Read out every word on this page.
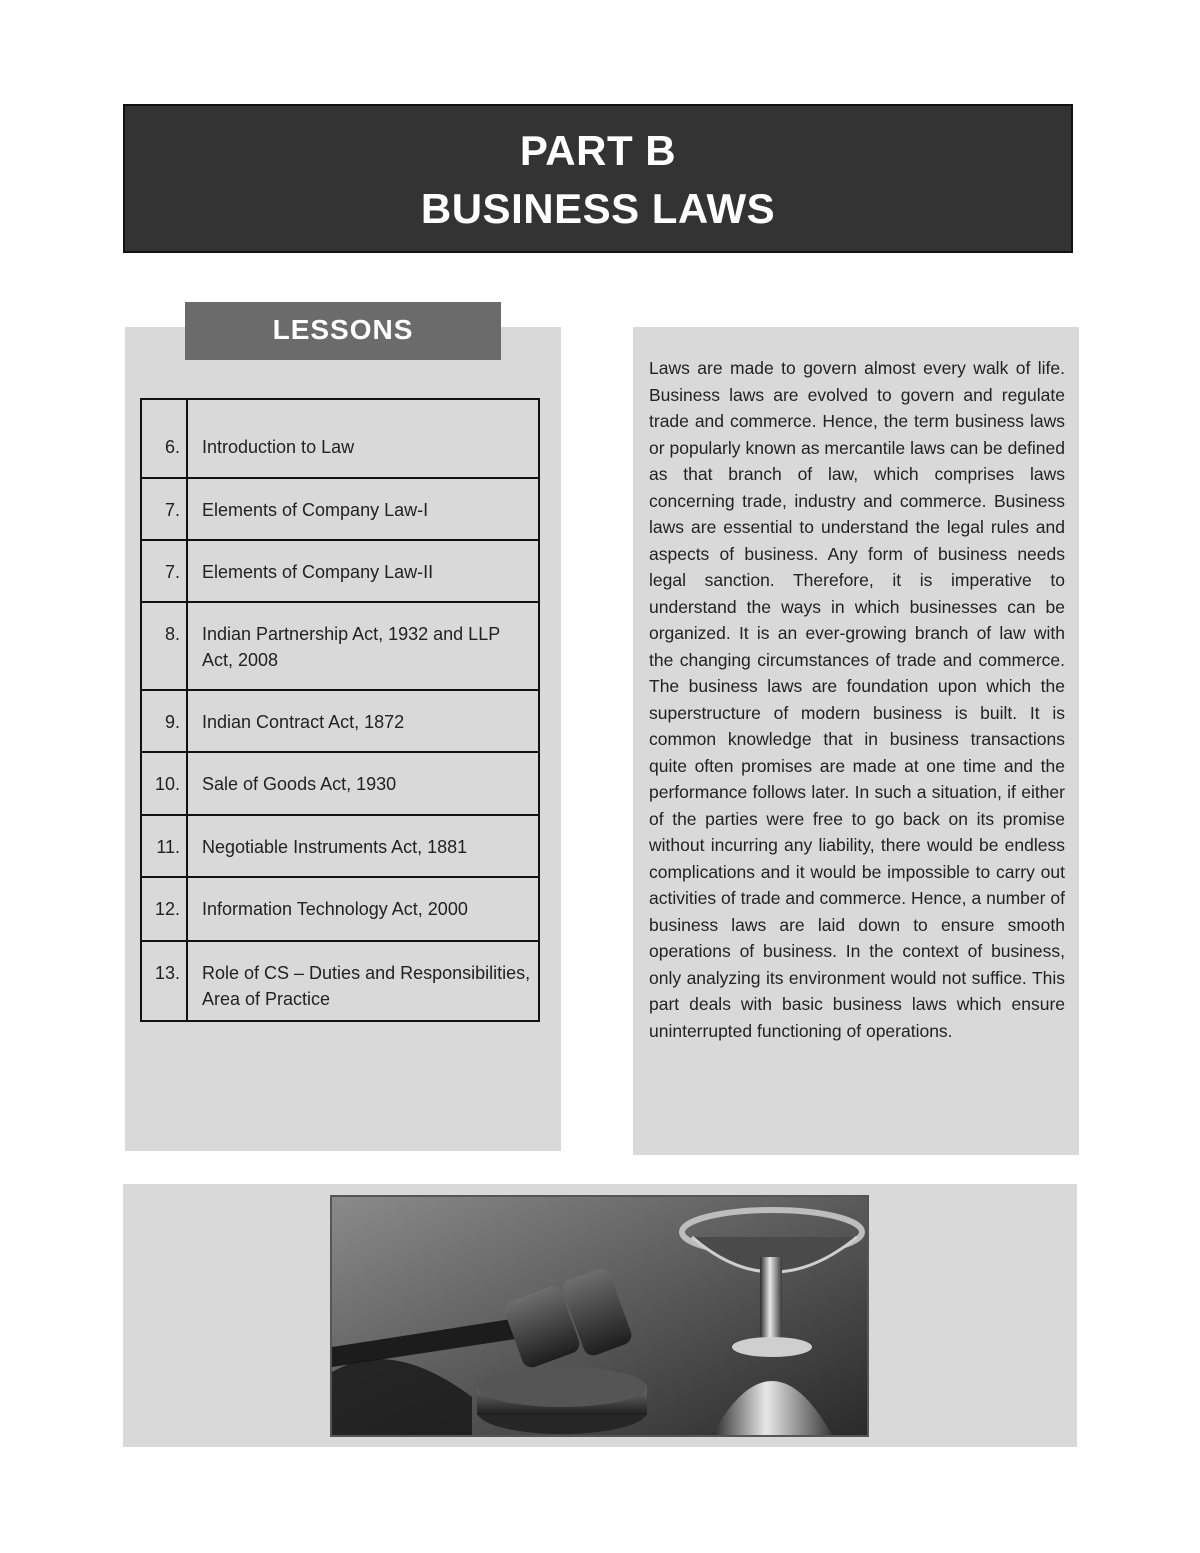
PART B
BUSINESS LAWS
LESSONS
6.	Introduction to Law
7.	Elements of Company Law-I
7.	Elements of Company Law-II
8.	Indian Partnership Act, 1932 and LLP Act, 2008
9.	Indian Contract Act, 1872
10.	Sale of Goods Act, 1930
11.	Negotiable Instruments Act, 1881
12.	Information Technology Act, 2000
13.	Role of CS – Duties and Responsibilities, Area of Practice

Laws are made to govern almost every walk of life. Business laws are evolved to govern and regulate trade and commerce. Hence, the term business laws or popularly known as mercantile laws can be defined as that branch of law, which comprises laws concerning trade, industry and commerce. Business laws are essential to understand the legal rules and aspects of business. Any form of business needs legal sanction. Therefore, it is imperative to understand the ways in which businesses can be organized. It is an ever-growing branch of law with the changing circumstances of trade and commerce. The business laws are foundation upon which the superstructure of modern business is built. It is common knowledge that in business transactions quite often promises are made at one time and the performance follows later. In such a situation, if either of the parties were free to go back on its promise without incurring any liability, there would be endless complications and it would be impossible to carry out activities of trade and commerce. Hence, a number of business laws are laid down to ensure smooth operations of business. In the context of business, only analyzing its environment would not suffice. This part deals with basic business laws which ensure uninterrupted functioning of operations.
